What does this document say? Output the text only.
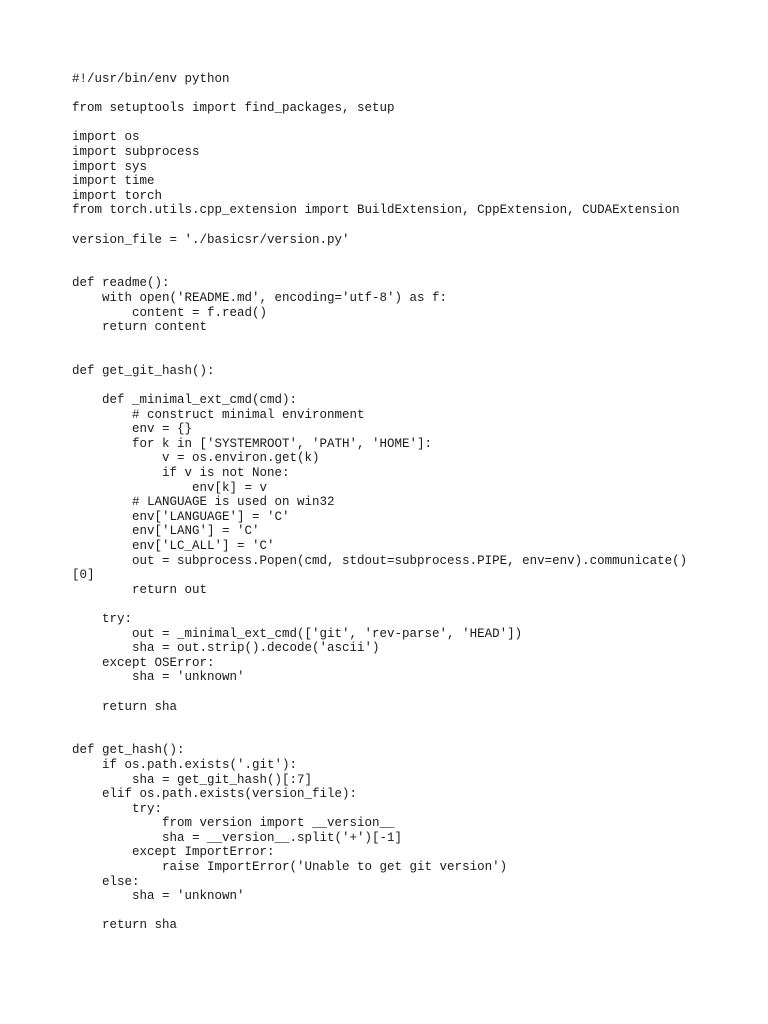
#!/usr/bin/env python
from setuptools import find_packages, setup
import os
import subprocess
import sys
import time
import torch
from torch.utils.cpp_extension import BuildExtension, CppExtension, CUDAExtension
version_file = './basicsr/version.py'
def readme():
with open('README.md', encoding='utf-8') as f:
content = f.read()
return content
def get_git_hash():
def _minimal_ext_cmd(cmd):
# construct minimal environment
env = {}
for k in ['SYSTEMROOT', 'PATH', 'HOME']:
v = os.environ.get(k)
if v is not None:
env[k] = v
# LANGUAGE is used on win32
env['LANGUAGE'] = 'C'
env['LANG'] = 'C'
env['LC_ALL'] = 'C'
out = subprocess.Popen(cmd, stdout=subprocess.PIPE, env=env).communicate()
[0]
return out
try:
out = _minimal_ext_cmd(['git', 'rev-parse', 'HEAD'])
sha = out.strip().decode('ascii')
except OSError:
sha = 'unknown'
return sha
def get_hash():
if os.path.exists('.git'):
sha = get_git_hash()[:7]
elif os.path.exists(version_file):
try:
from version import __version__
sha = __version__.split('+')[-1]
except ImportError:
raise ImportError('Unable to get git version')
else:
sha = 'unknown'
return sha
